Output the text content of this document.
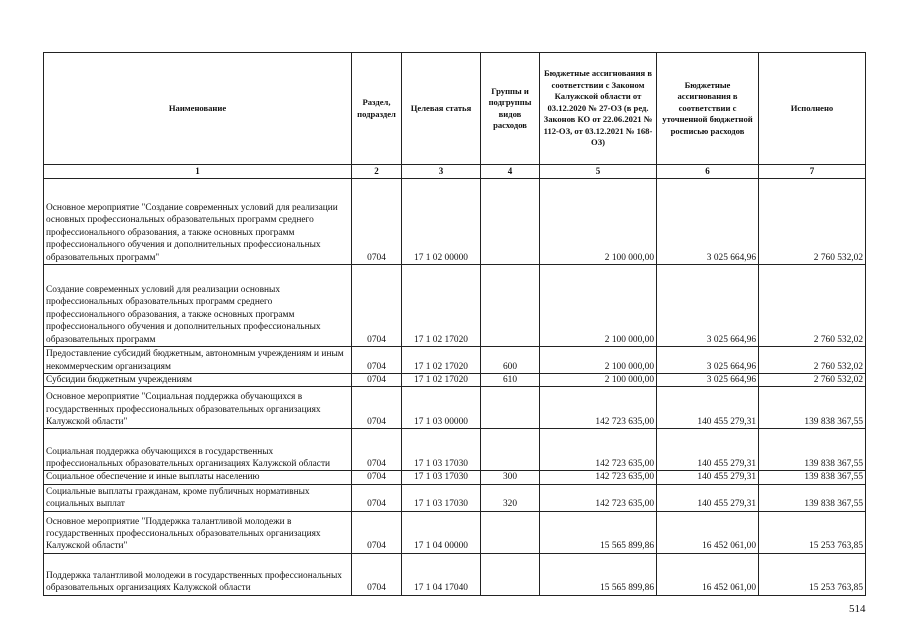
Наименование	Раздел, подраздел	Целевая статья	Группы и подгруппы видов расходов	Бюджетные ассигнования в соответствии с Законом Калужской области от 03.12.2020 № 27-ОЗ (в ред. Законов КО от 22.06.2021 № 112-ОЗ, от 03.12.2021 № 168-ОЗ)	Бюджетные ассигнования в соответствии с уточненной бюджетной росписью расходов	Исполнено
1	2	3	4	5	6	7
Основное мероприятие "Создание современных условий для реализации основных профессиональных образовательных программ среднего профессионального образования, а также основных программ профессионального обучения и дополнительных профессиональных образовательных программ"	0704	17 1 02 00000		2 100 000,00	3 025 664,96	2 760 532,02
Создание современных условий для реализации основных профессиональных образовательных программ среднего профессионального образования, а также основных программ профессионального обучения и дополнительных профессиональных образовательных программ	0704	17 1 02 17020		2 100 000,00	3 025 664,96	2 760 532,02
Предоставление субсидий бюджетным, автономным учреждениям и иным некоммерческим организациям	0704	17 1 02 17020	600	2 100 000,00	3 025 664,96	2 760 532,02
Субсидии бюджетным учреждениям	0704	17 1 02 17020	610	2 100 000,00	3 025 664,96	2 760 532,02
Основное мероприятие "Социальная поддержка обучающихся в государственных профессиональных образовательных организациях Калужской области"	0704	17 1 03 00000		142 723 635,00	140 455 279,31	139 838 367,55
Социальная поддержка обучающихся в государственных профессиональных образовательных организациях Калужской области	0704	17 1 03 17030		142 723 635,00	140 455 279,31	139 838 367,55
Социальное обеспечение и иные выплаты населению	0704	17 1 03 17030	300	142 723 635,00	140 455 279,31	139 838 367,55
Социальные выплаты гражданам, кроме публичных нормативных социальных выплат	0704	17 1 03 17030	320	142 723 635,00	140 455 279,31	139 838 367,55
Основное мероприятие "Поддержка талантливой молодежи в государственных профессиональных образовательных организациях Калужской области"	0704	17 1 04 00000		15 565 899,86	16 452 061,00	15 253 763,85
Поддержка талантливой молодежи в государственных профессиональных образовательных организациях Калужской области	0704	17 1 04 17040		15 565 899,86	16 452 061,00	15 253 763,85
514
